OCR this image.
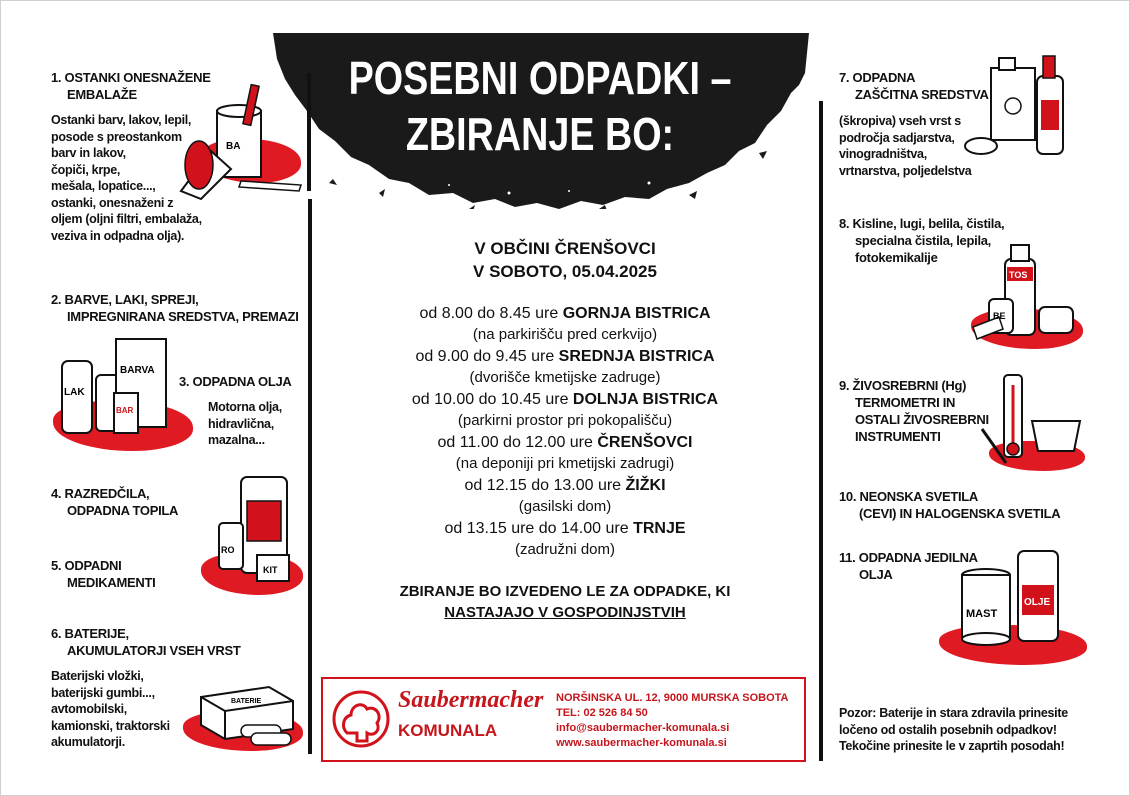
POSEBNI ODPADKI –
ZBIRANJE BO:
1. OSTANKI ONESNAŽENE
EMBALAŽE
Ostanki barv, lakov, lepil,
posode s preostankom
barv in lakov,
čopiči, krpe,
mešala, lopatice...,
ostanki, onesnaženi z
oljem (oljni filtri, embalaža,
veziva in odpadna olja).
BA
2. BARVE, LAKI, SPREJI,
IMPREGNIRANA SREDSTVA, PREMAZI
LAK
BARVA
BAR
3. ODPADNA OLJA
Motorna olja,
hidravlična,
mazalna...
4. RAZREDČILA,
ODPADNA TOPILA
RO
KIT
5. ODPADNI
MEDIKAMENTI
6. BATERIJE,
AKUMULATORJI VSEH VRST
Baterijski vložki,
baterijski gumbi...,
avtomobilski,
kamionski, traktorski
akumulatorji.
BATERIE
V OBČINI ČRENŠOVCI
V SOBOTO, 05.04.2025
od 8.00 do 8.45 ure GORNJA BISTRICA
(na parkirišču pred cerkvijo)
od 9.00 do 9.45 ure SREDNJA BISTRICA
(dvorišče kmetijske zadruge)
od 10.00 do 10.45 ure DOLNJA BISTRICA
(parkirni prostor pri pokopališču)
od 11.00 do 12.00 ure ČRENŠOVCI
(na deponiji pri kmetijski zadrugi)
od 12.15 do 13.00 ure ŽIŽKI
(gasilski dom)
od 13.15 ure do 14.00 ure TRNJE
(zadružni dom)
ZBIRANJE BO IZVEDENO LE ZA ODPADKE, KI
NASTAJAJO V GOSPODINJSTVIH
Saubermacher
KOMUNALA
NORŠINSKA UL. 12, 9000 MURSKA SOBOTA
TEL: 02 526 84 50
info@saubermacher-komunala.si
www.saubermacher-komunala.si
7. ODPADNA
ZAŠČITNA SREDSTVA
(škropiva) vseh vrst s
področja sadjarstva,
vinogradništva,
vrtnarstva, poljedelstva
8. Kisline, lugi, belila, čistila,
specialna čistila, lepila,
fotokemikalije
TOS
BE
9. ŽIVOSREBRNI (Hg)
TERMOMETRI IN
OSTALI ŽIVOSREBRNI
INSTRUMENTI
10. NEONSKA SVETILA
(CEVI) IN HALOGENSKA SVETILA
11. ODPADNA JEDILNA
OLJA
MAST
OLJE
Pozor: Baterije in stara zdravila prinesite
ločeno od ostalih posebnih odpadkov!
Tekočine prinesite le v zaprtih posodah!
